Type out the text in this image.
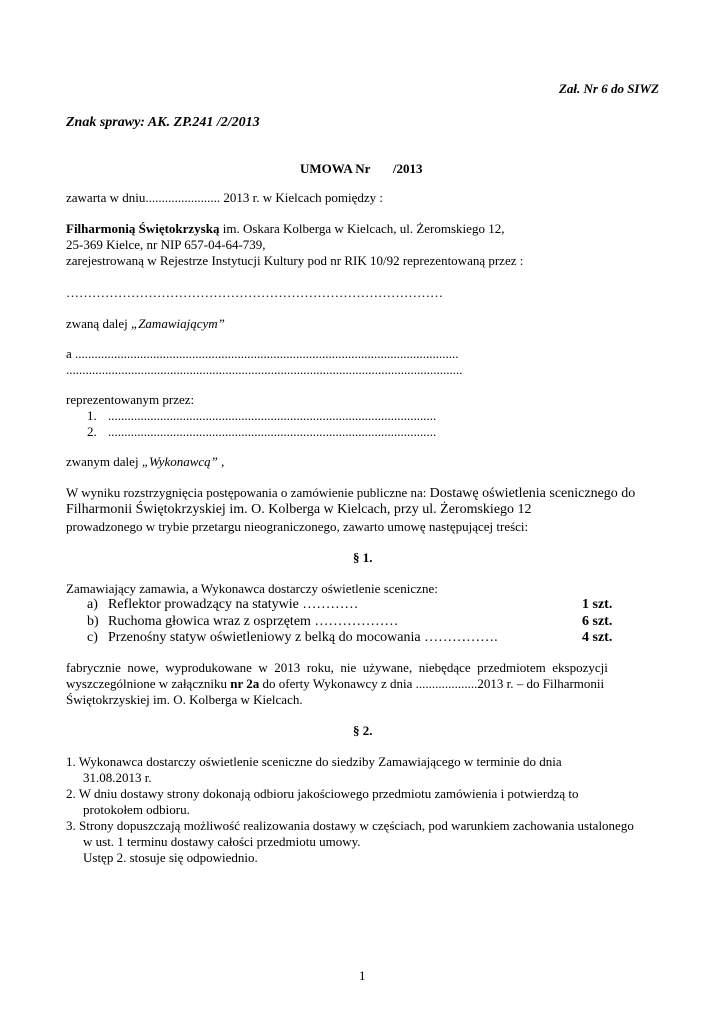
Zał. Nr 6 do SIWZ
Znak sprawy: AK. ZP.241 /2/2013
UMOWA Nr       /2013
zawarta w dniu....................... 2013 r. w Kielcach pomiędzy :
Filharmonią Świętokrzyską im. Oskara Kolberga w Kielcach, ul. Żeromskiego 12,
25-369 Kielce, nr NIP 657-04-64-739,
zarejestrowaną w Rejestrze Instytucji Kultury pod nr RIK 10/92 reprezentowaną przez :
……………………………………………………………………………
zwaną dalej „Zamawiającym”
a ......................................................................................................................
..........................................................................................................................
reprezentowanym przez:
1. .....................................................................................................
2. .....................................................................................................
zwanym dalej „Wykonawcą” ,
W wyniku rozstrzygnięcia postępowania o zamówienie publiczne na: Dostawę oświetlenia scenicznego do
Filharmonii Świętokrzyskiej im. O. Kolberga w Kielcach, przy ul. Żeromskiego 12
prowadzonego w trybie przetargu nieograniczonego, zawarto umowę następującej treści:
§ 1.
Zamawiający zamawia, a Wykonawca dostarczy oświetlenie sceniczne:
a) Reflektor prowadzący na statywie …………	1 szt.
b) Ruchoma głowica wraz z osprzętem ………………	6 szt.
c) Przenośny statyw oświetleniowy z belką do mocowania …………….	4 szt.
fabrycznie  nowe,  wyprodukowane  w  2013  roku,  nie  używane,  niebędące  przedmiotem  ekspozycji
wyszczególnione w załączniku nr 2a do oferty Wykonawcy z dnia ...................2013 r. – do Filharmonii
Świętokrzyskiej im. O. Kolberga w Kielcach.
§ 2.
1. Wykonawca dostarczy oświetlenie sceniczne do siedziby Zamawiającego w terminie do dnia
31.08.2013 r.
2. W dniu dostawy strony dokonają odbioru jakościowego przedmiotu zamówienia i potwierdzą to
protokołem odbioru.
3. Strony dopuszczają możliwość realizowania dostawy w częściach, pod warunkiem zachowania ustalonego
w ust. 1 terminu dostawy całości przedmiotu umowy.
Ustęp 2. stosuje się odpowiednio.
1
